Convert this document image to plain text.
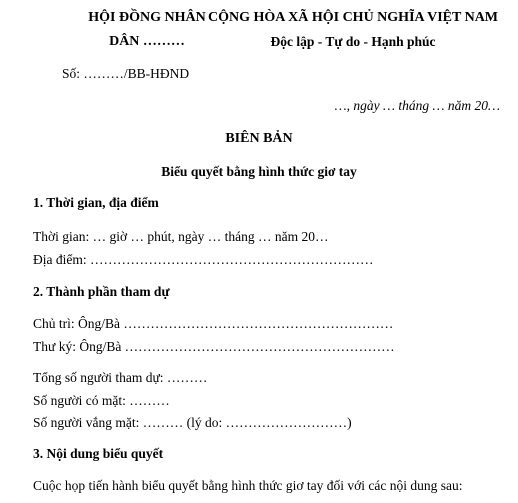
HỘI ĐỒNG NHÂN
DÂN ………
CỘNG HÒA XÃ HỘI CHỦ NGHĨA VIỆT NAM
Độc lập - Tự do - Hạnh phúc
Số: ………/BB-HĐND
…, ngày … tháng … năm 20…
BIÊN BẢN
Biểu quyết bằng hình thức giơ tay
1. Thời gian, địa điểm
Thời gian: … giờ … phút, ngày … tháng … năm 20…
Địa điểm: ………………………………………………………
2. Thành phần tham dự
Chủ trì: Ông/Bà ……………………………………………………
Thư ký: Ông/Bà ……………………………………………………
Tổng số người tham dự: ………
Số người có mặt: ………
Số người vắng mặt: ……… (lý do: ………………………)
3. Nội dung biểu quyết
Cuộc họp tiến hành biểu quyết bằng hình thức giơ tay đối với các nội dung sau:
